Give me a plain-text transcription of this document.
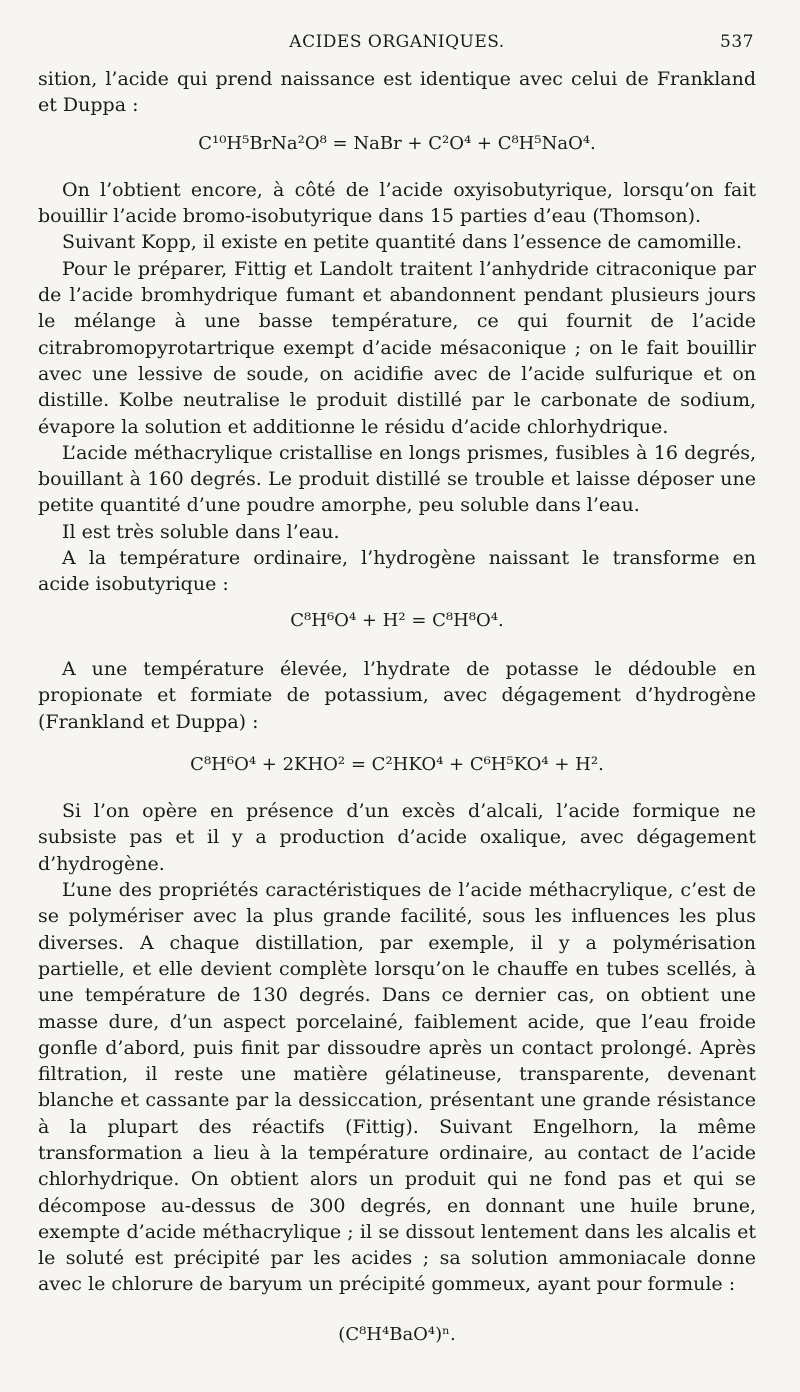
ACIDES ORGANIQUES.	537
sition, l’acide qui prend naissance est identique avec celui de Frankland et Duppa :
C¹⁰H⁵BrNa²O⁸ = NaBr + C²O⁴ + C⁸H⁵NaO⁴.
On l’obtient encore, à côté de l’acide oxyisobutyrique, lorsqu’on fait bouillir l’acide bromo-isobutyrique dans 15 parties d’eau (Thomson).
Suivant Kopp, il existe en petite quantité dans l’essence de camomille.
Pour le préparer, Fittig et Landolt traitent l’anhydride citraconique par de l’acide bromhydrique fumant et abandonnent pendant plusieurs jours le mélange à une basse température, ce qui fournit de l’acide citrabromopyrotartrique exempt d’acide mésaconique ; on le fait bouillir avec une lessive de soude, on acidifie avec de l’acide sulfurique et on distille. Kolbe neutralise le produit distillé par le carbonate de sodium, évapore la solution et additionne le résidu d’acide chlorhydrique.
L’acide méthacrylique cristallise en longs prismes, fusibles à 16 degrés, bouillant à 160 degrés. Le produit distillé se trouble et laisse déposer une petite quantité d’une poudre amorphe, peu soluble dans l’eau.
Il est très soluble dans l’eau.
A la température ordinaire, l’hydrogène naissant le transforme en acide isobutyrique :
C⁸H⁶O⁴ + H² = C⁸H⁸O⁴.
A une température élevée, l’hydrate de potasse le dédouble en propionate et formiate de potassium, avec dégagement d’hydrogène (Frankland et Duppa) :
C⁸H⁶O⁴ + 2KHO² = C²HKO⁴ + C⁶H⁵KO⁴ + H².
Si l’on opère en présence d’un excès d’alcali, l’acide formique ne subsiste pas et il y a production d’acide oxalique, avec dégagement d’hydrogène.
L’une des propriétés caractéristiques de l’acide méthacrylique, c’est de se polymériser avec la plus grande facilité, sous les influences les plus diverses. A chaque distillation, par exemple, il y a polymérisation partielle, et elle devient complète lorsqu’on le chauffe en tubes scellés, à une température de 130 degrés. Dans ce dernier cas, on obtient une masse dure, d’un aspect porcelainé, faiblement acide, que l’eau froide gonfle d’abord, puis finit par dissoudre après un contact prolongé. Après filtration, il reste une matière gélatineuse, transparente, devenant blanche et cassante par la dessiccation, présentant une grande résistance à la plupart des réactifs (Fittig). Suivant Engelhorn, la même transformation a lieu à la température ordinaire, au contact de l’acide chlorhydrique. On obtient alors un produit qui ne fond pas et qui se décompose au-dessus de 300 degrés, en donnant une huile brune, exempte d’acide méthacrylique ; il se dissout lentement dans les alcalis et le soluté est précipité par les acides ; sa solution ammoniacale donne avec le chlorure de baryum un précipité gommeux, ayant pour formule :
(C⁸H⁴BaO⁴)ⁿ.
